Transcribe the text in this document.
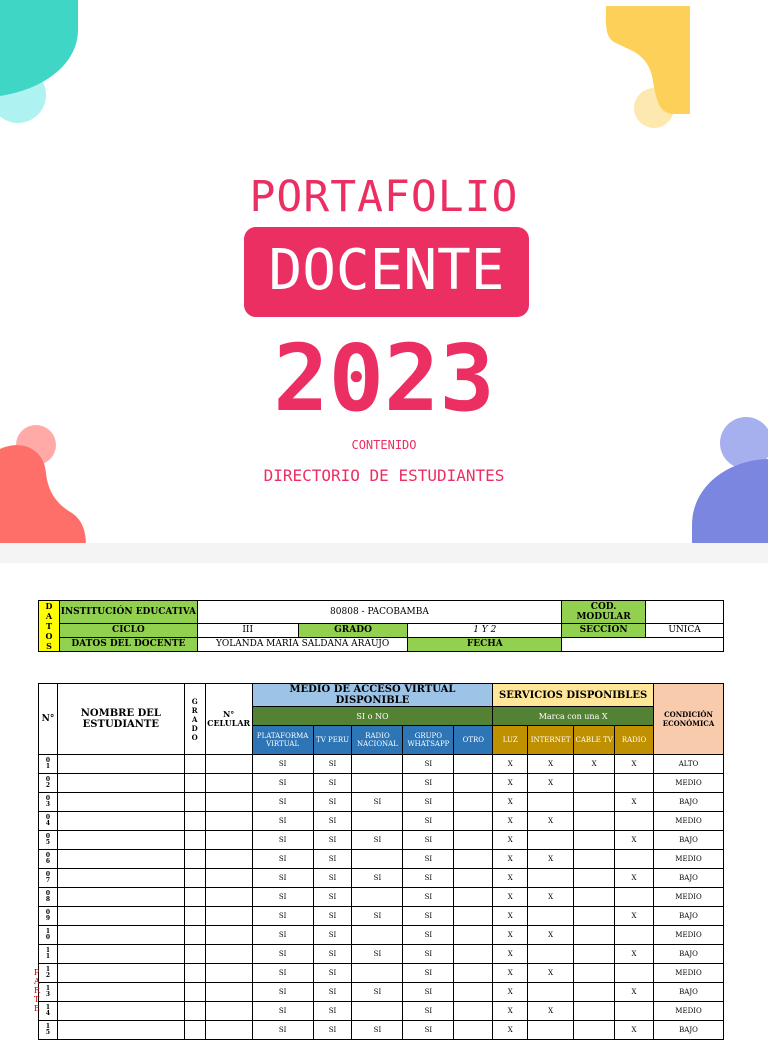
PORTAFOLIO
DOCENTE
2023
CONTENIDO
DIRECTORIO DE ESTUDIANTES
D
A
T
O
S	INSTITUCIÓN EDUCATIVA	80808 - PACOBAMBA			COD. MODULAR	
	CICLO	III	GRADO	1 Y 2	SECCIÓN	UNICA
	DATOS DEL DOCENTE	YOLANDA MARÍA SALDAÑA ARAUJO		FECHA		
N°	NOMBRE DEL ESTUDIANTE	G
R
A
D
O	N° CELULAR	MEDIO DE ACCESO VIRTUAL DISPONIBLE					SERVICIOS DISPONIBLES				CONDICIÓN ECONÓMICA
				SI o NO					Marca con una X				
				PLATAFORMA VIRTUAL	TV PERU	RADIO NACIONAL	GRUPO WHATSAPP	OTRO	LUZ	INTERNET	CABLE TV	RADIO	
0
1				SI	SI		SI		X	X	X	X	ALTO
0
2				SI	SI		SI		X	X			MEDIO
0
3				SI	SI	SI	SI		X			X	BAJO
0
4				SI	SI		SI		X	X			MEDIO
0
5				SI	SI	SI	SI		X			X	BAJO
0
6				SI	SI		SI		X	X			MEDIO
0
7				SI	SI	SI	SI		X			X	BAJO
0
8				SI	SI		SI		X	X			MEDIO
0
9				SI	SI	SI	SI		X			X	BAJO
1
0				SI	SI		SI		X	X			MEDIO
1
1				SI	SI	SI	SI		X			X	BAJO
1
2				SI	SI		SI		X	X			MEDIO
1
3				SI	SI	SI	SI		X			X	BAJO
1
4				SI	SI		SI		X	X			MEDIO
1
5				SI	SI	SI	SI		X			X	BAJO
P
A
R
T
E
